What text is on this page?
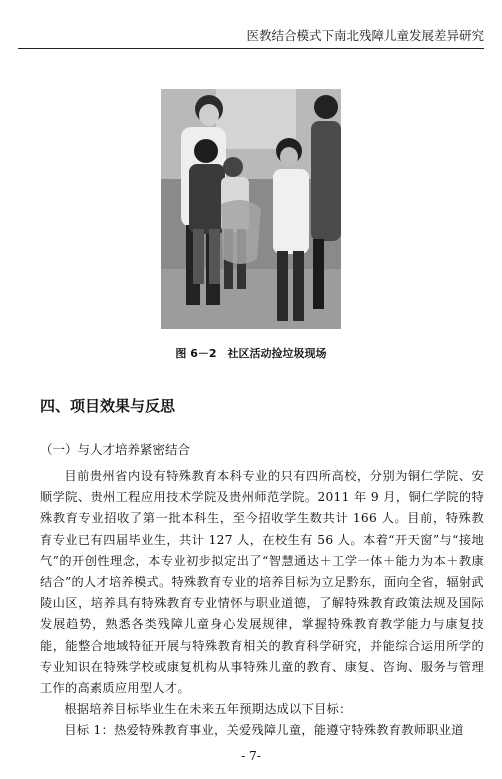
医教结合模式下南北残障儿童发展差异研究
图 6－2　社区活动捡垃圾现场
四、项目效果与反思
（一）与人才培养紧密结合

目前贵州省内设有特殊教育本科专业的只有四所高校，分别为铜仁学院、安顺学院、贵州工程应用技术学院及贵州师范学院。2011 年 9 月，铜仁学院的特殊教育专业招收了第一批本科生，至今招收学生数共计 166 人。目前，特殊教育专业已有四届毕业生，共计 127 人，在校生有 56 人。本着“开天窗”与“接地气”的开创性理念，本专业初步拟定出了“智慧通达＋工学一体＋能力为本＋教康结合”的人才培养模式。特殊教育专业的培养目标为立足黔东，面向全省，辐射武陵山区，培养具有特殊教育专业情怀与职业道德，了解特殊教育政策法规及国际发展趋势，熟悉各类残障儿童身心发展规律，掌握特殊教育教学能力与康复技能，能整合地域特征开展与特殊教育相关的教育科学研究，并能综合运用所学的专业知识在特殊学校或康复机构从事特殊儿童的教育、康复、咨询、服务与管理工作的高素质应用型人才。

根据培养目标毕业生在未来五年预期达成以下目标：

目标 1：热爱特殊教育事业，关爱残障儿童，能遵守特殊教育教师职业道

- 7-
